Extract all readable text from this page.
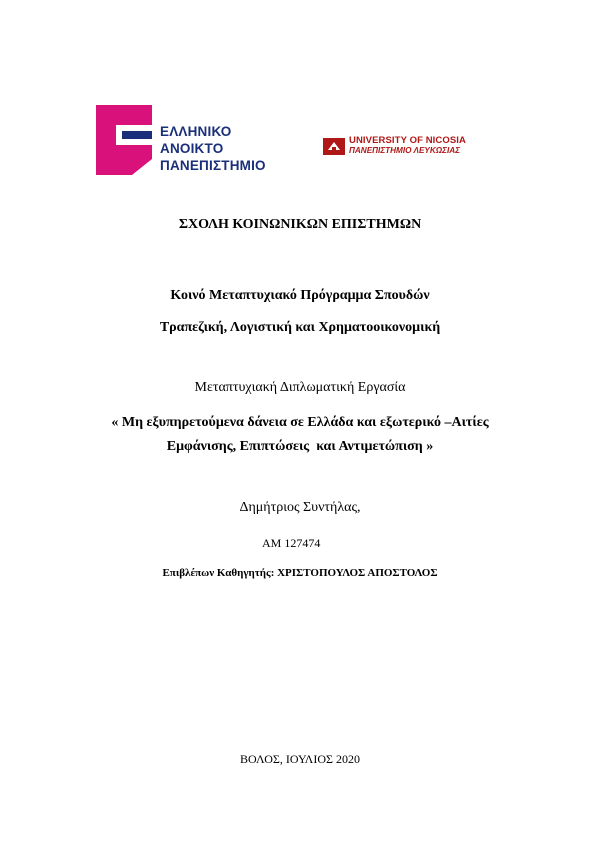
ΕΛΛΗΝΙΚΟ
ΑΝΟΙΚΤΟ
ΠΑΝΕΠΙΣΤΗΜΙΟ
UNIVERSITY OF NICOSIA
ΠΑΝΕΠΙΣΤΗΜΙΟ ΛΕΥΚΩΣΙΑΣ
ΣΧΟΛΗ ΚΟΙΝΩΝΙΚΩΝ ΕΠΙΣΤΗΜΩΝ
Κοινό Μεταπτυχιακό Πρόγραμμα Σπουδών
Τραπεζική, Λογιστική και Χρηματοοικονομική
Μεταπτυχιακή Διπλωματική Εργασία
« Μη εξυπηρετούμενα δάνεια σε Ελλάδα και εξωτερικό –Αιτίες
Εμφάνισης, Επιπτώσεις  και Αντιμετώπιση »
Δημήτριος Συντήλας,
AM 127474
Επιβλέπων Καθηγητής: ΧΡΙΣΤΟΠΟΥΛΟΣ ΑΠΟΣΤΟΛΟΣ
ΒΟΛΟΣ, ΙΟΥΛΙΟΣ 2020
